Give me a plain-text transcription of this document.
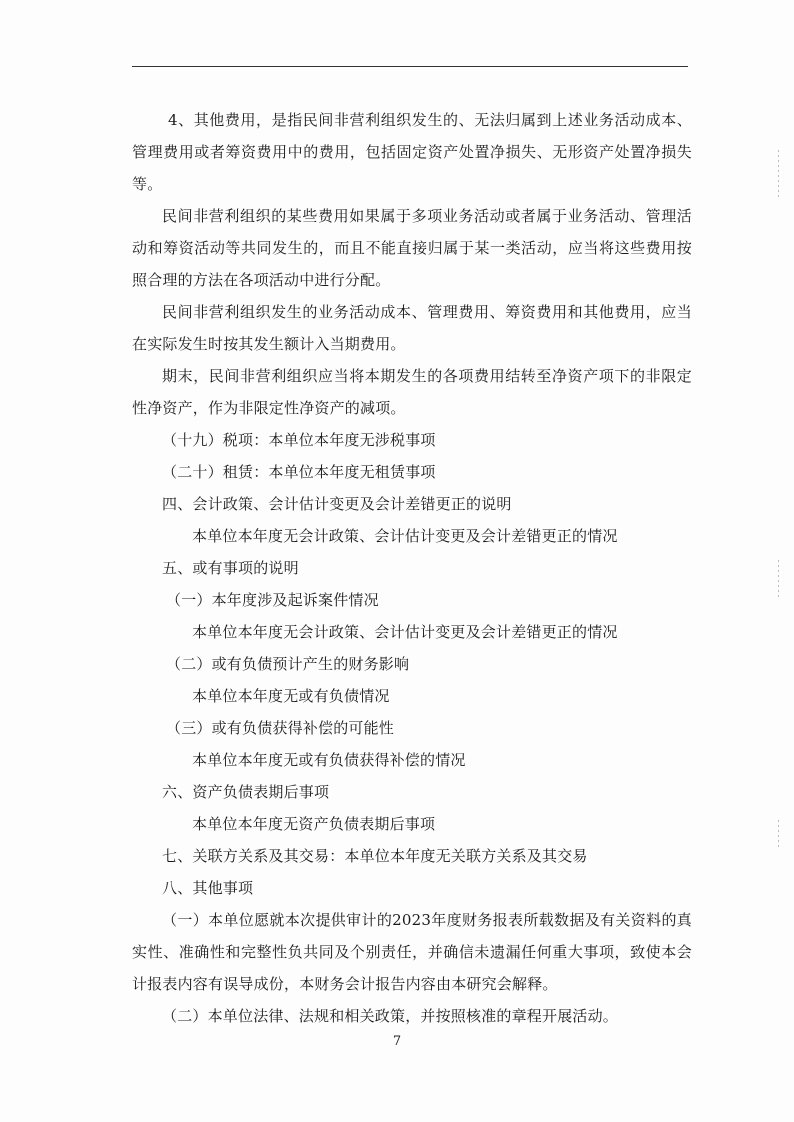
4、其他费用，是指民间非营利组织发生的、无法归属到上述业务活动成本、管理费用或者筹资费用中的费用，包括固定资产处置净损失、无形资产处置净损失等。

民间非营利组织的某些费用如果属于多项业务活动或者属于业务活动、管理活动和筹资活动等共同发生的，而且不能直接归属于某一类活动，应当将这些费用按照合理的方法在各项活动中进行分配。

民间非营利组织发生的业务活动成本、管理费用、筹资费用和其他费用，应当在实际发生时按其发生额计入当期费用。

期末，民间非营利组织应当将本期发生的各项费用结转至净资产项下的非限定性净资产，作为非限定性净资产的减项。

（十九）税项：本单位本年度无涉税事项

（二十）租赁：本单位本年度无租赁事项

四、会计政策、会计估计变更及会计差错更正的说明

本单位本年度无会计政策、会计估计变更及会计差错更正的情况

五、或有事项的说明

（一）本年度涉及起诉案件情况

本单位本年度无会计政策、会计估计变更及会计差错更正的情况

（二）或有负债预计产生的财务影响

本单位本年度无或有负债情况

（三）或有负债获得补偿的可能性

本单位本年度无或有负债获得补偿的情况

六、资产负债表期后事项

本单位本年度无资产负债表期后事项

七、关联方关系及其交易：本单位本年度无关联方关系及其交易

八、其他事项

（一）本单位愿就本次提供审计的2023年度财务报表所载数据及有关资料的真实性、准确性和完整性负共同及个别责任，并确信未遗漏任何重大事项，致使本会计报表内容有误导成份，本财务会计报告内容由本研究会解释。

（二）本单位法律、法规和相关政策，并按照核准的章程开展活动。

7
